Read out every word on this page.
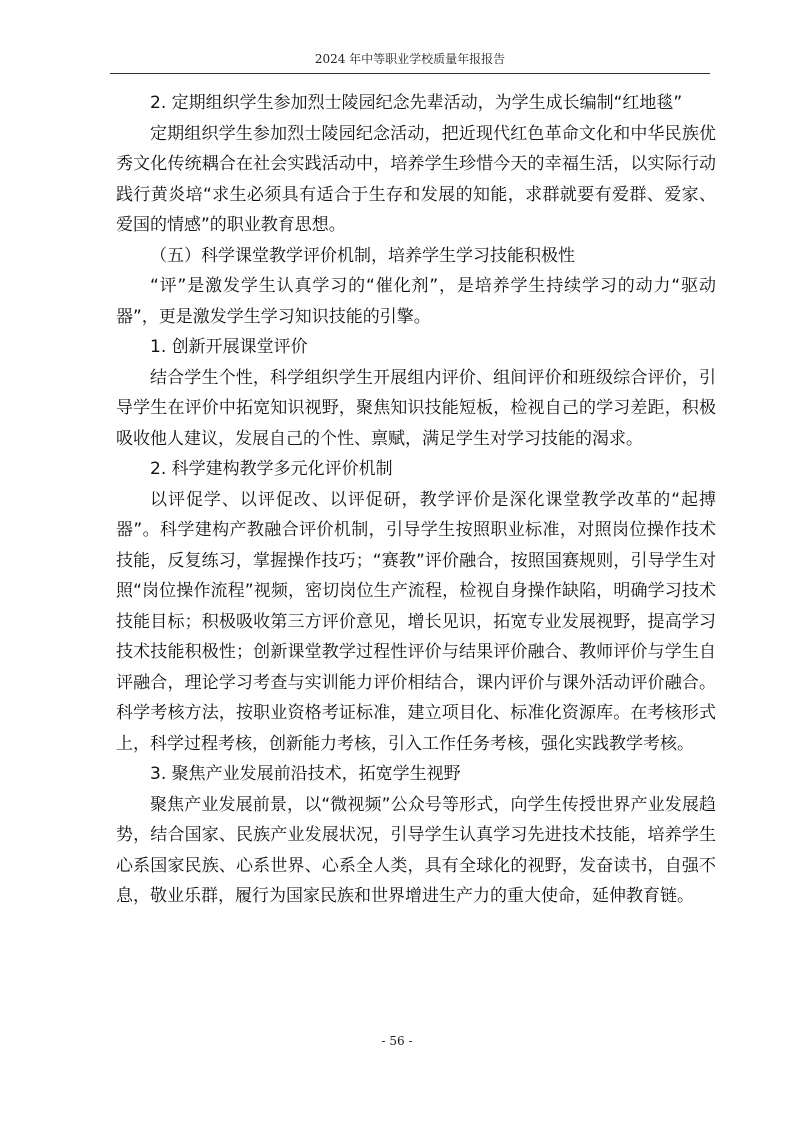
2024 年中等职业学校质量年报报告

2. 定期组织学生参加烈士陵园纪念先辈活动，为学生成长编制“红地毯”

定期组织学生参加烈士陵园纪念活动，把近现代红色革命文化和中华民族优秀文化传统耦合在社会实践活动中，培养学生珍惜今天的幸福生活，以实际行动践行黄炎培“求生必须具有适合于生存和发展的知能，求群就要有爱群、爱家、爱国的情感”的职业教育思想。

（五）科学课堂教学评价机制，培养学生学习技能积极性

“评”是激发学生认真学习的“催化剂”，是培养学生持续学习的动力“驱动器”，更是激发学生学习知识技能的引擎。

1. 创新开展课堂评价

结合学生个性，科学组织学生开展组内评价、组间评价和班级综合评价，引导学生在评价中拓宽知识视野，聚焦知识技能短板，检视自己的学习差距，积极吸收他人建议，发展自己的个性、禀赋，满足学生对学习技能的渴求。

2. 科学建构教学多元化评价机制

以评促学、以评促改、以评促研，教学评价是深化课堂教学改革的“起搏器”。科学建构产教融合评价机制，引导学生按照职业标准，对照岗位操作技术技能，反复练习，掌握操作技巧；“赛教”评价融合，按照国赛规则，引导学生对照“岗位操作流程”视频，密切岗位生产流程，检视自身操作缺陷，明确学习技术技能目标；积极吸收第三方评价意见，增长见识，拓宽专业发展视野，提高学习技术技能积极性；创新课堂教学过程性评价与结果评价融合、教师评价与学生自评融合，理论学习考查与实训能力评价相结合，课内评价与课外活动评价融合。科学考核方法，按职业资格考证标准，建立项目化、标准化资源库。在考核形式上，科学过程考核，创新能力考核，引入工作任务考核，强化实践教学考核。

3. 聚焦产业发展前沿技术，拓宽学生视野

聚焦产业发展前景，以“微视频”公众号等形式，向学生传授世界产业发展趋势，结合国家、民族产业发展状况，引导学生认真学习先进技术技能，培养学生心系国家民族、心系世界、心系全人类，具有全球化的视野，发奋读书，自强不息，敬业乐群，履行为国家民族和世界增进生产力的重大使命，延伸教育链。

- 56 -
